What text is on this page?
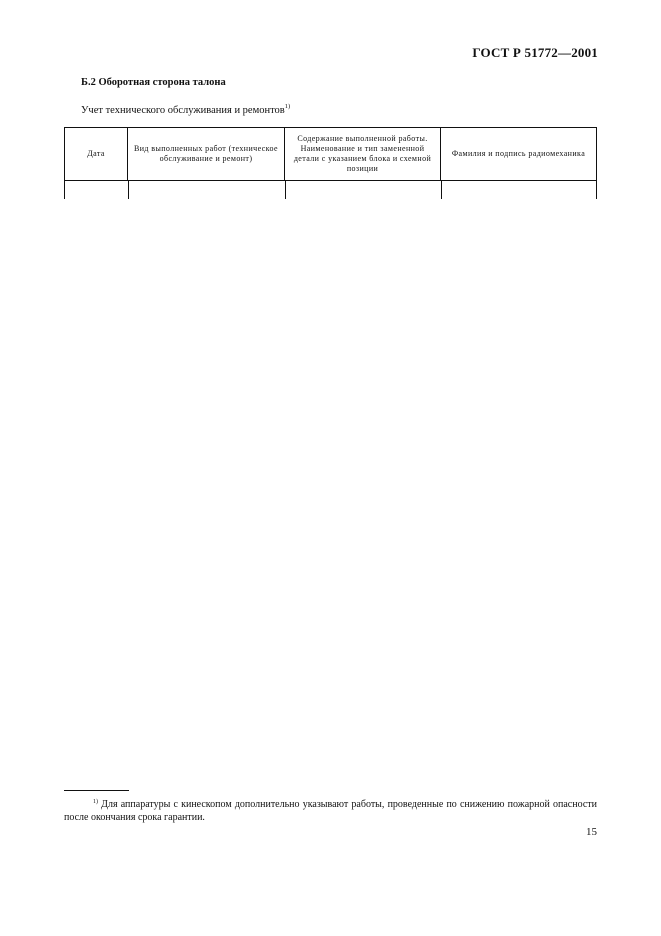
ГОСТ Р 51772—2001
Б.2 Оборотная сторона талона
Учет технического обслуживания и ремонтов$^{1)}$
Дата
Вид выполненных работ (техническое обслуживание и ремонт)
Содержание выполненной работы. Наименование и тип замененной детали с указанием блока и схемной позиции
Фамилия и подпись радиомеханика
$^{1)}$ Для аппаратуры с кинескопом дополнительно указывают работы, проведенные по снижению пожарной опасности после окончания срока гарантии.
15
